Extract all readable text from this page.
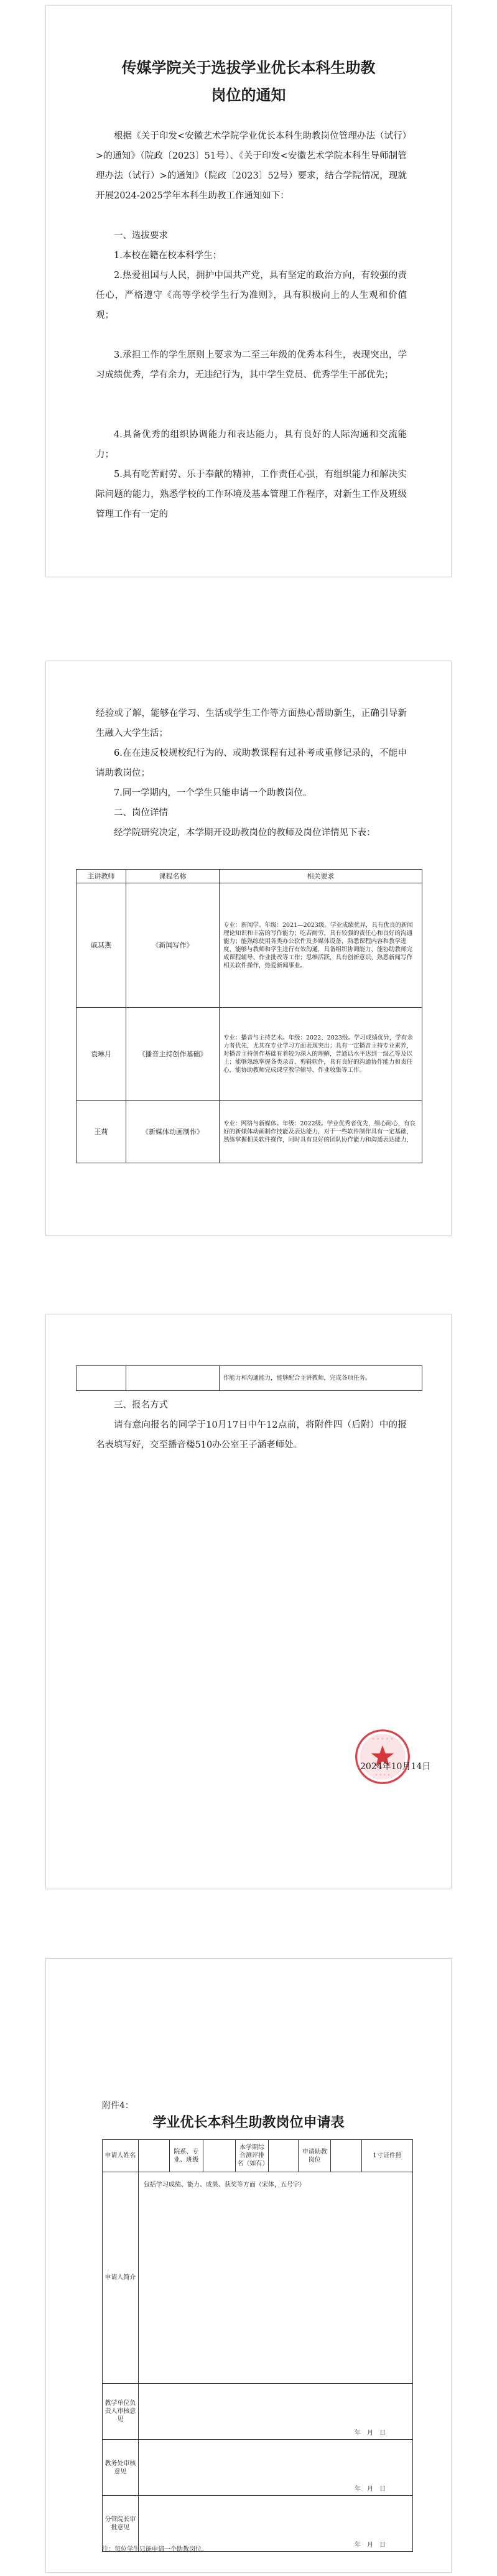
传媒学院关于选拔学业优长本科生助教
岗位的通知
根据《关于印发<安徽艺术学院学业优长本科生助教岗位管理办法（试行）>的通知》（院政〔2023〕51号）、《关于印发<安徽艺术学院本科生导师制管理办法（试行）>的通知》（院政〔2023〕52号）要求，结合学院情况，现就开展2024-2025学年本科生助教工作通知如下：
一、选拔要求
1.本校在籍在校本科学生；
2.热爱祖国与人民，拥护中国共产党，具有坚定的政治方向，有较强的责任心，严格遵守《高等学校学生行为准则》，具有积极向上的人生观和价值观；
3.承担工作的学生原则上要求为二至三年级的优秀本科生，表现突出，学习成绩优秀，学有余力，无违纪行为，其中学生党员、优秀学生干部优先；
4.具备优秀的组织协调能力和表达能力，具有良好的人际沟通和交流能力；
5.具有吃苦耐劳、乐于奉献的精神，工作责任心强，有组织能力和解决实际问题的能力，熟悉学校的工作环境及基本管理工作程序，对新生工作及班级管理工作有一定的
经验或了解，能够在学习、生活或学生工作等方面热心帮助新生，正确引导新生融入大学生活；
6.在在违反校规校纪行为的、或助教课程有过补考或重修记录的，不能申请助教岗位；
7.同一学期内，一个学生只能申请一个助教岗位。
二、岗位详情
经学院研究决定，本学期开设助教岗位的教师及岗位详情见下表：
主讲教师	课程名称	相关要求
戚其燕	《新闻写作》	专业：新闻学。年级：2021—2023级。学业成绩优异，具有优良的新闻理论知识和丰富的写作能力；吃苦耐劳，具有较强的责任心和良好的沟通能力；能熟练使用各类办公软件及多媒体设备，熟悉课程内容和教学进度，能够与教师和学生进行有效沟通，具备组织协调能力，能协助教师完成课程辅导、作业批改等工作；思维活跃，具有创新意识，熟悉新闻写作相关软件操作，热爱新闻事业。
袁琳月	《播音主持创作基础》	专业：播音与主持艺术。年级：2022、2023级。学习成绩优异，学有余力者优先，尤其在专业学习方面表现突出；具有一定播音主持专业素养，对播音主持创作基础有着较为深入的理解，普通话水平达到一级乙等及以上；能够熟练掌握各类录音、剪辑软件，具有良好的沟通协作能力和责任心，能协助教师完成课堂教学辅导、作业收集等工作。
王莉	《新媒体动画制作》	专业：网络与新媒体。年级：2022级。学业优秀者优先，细心耐心，有良好的新媒体动画制作技能及表达能力，对于一些软件制作具有一定基础，熟练掌握相关软件操作，同时具有良好的团队协作能力和沟通表达能力，
		作能力和沟通能力，能够配合主讲教师，完成各项任务。
三、报名方式
请有意向报名的同学于10月17日中午12点前，将附件四（后附）中的报名表填写好，交至播音楼510办公室王子涵老师处。
◦ ◦ ◦ ◦ ◦
◦ ◦ ◦ ◦
2024年10月14日
附件4：
学业优长本科生助教岗位申请表
申请人姓名		院系、专业、班级		本学期综合测评排名（如有）		申请助教岗位		1寸证件照
申请人简介	包括学习成绩、能力、成果、获奖等方面（宋体，五号字）							
教学单位负责人审核意见	年　月　日							

教务处审核意见	年　月　日							

分管院长审批意见	年　月　日							
注：每位学生只能申请一个助教岗位。
